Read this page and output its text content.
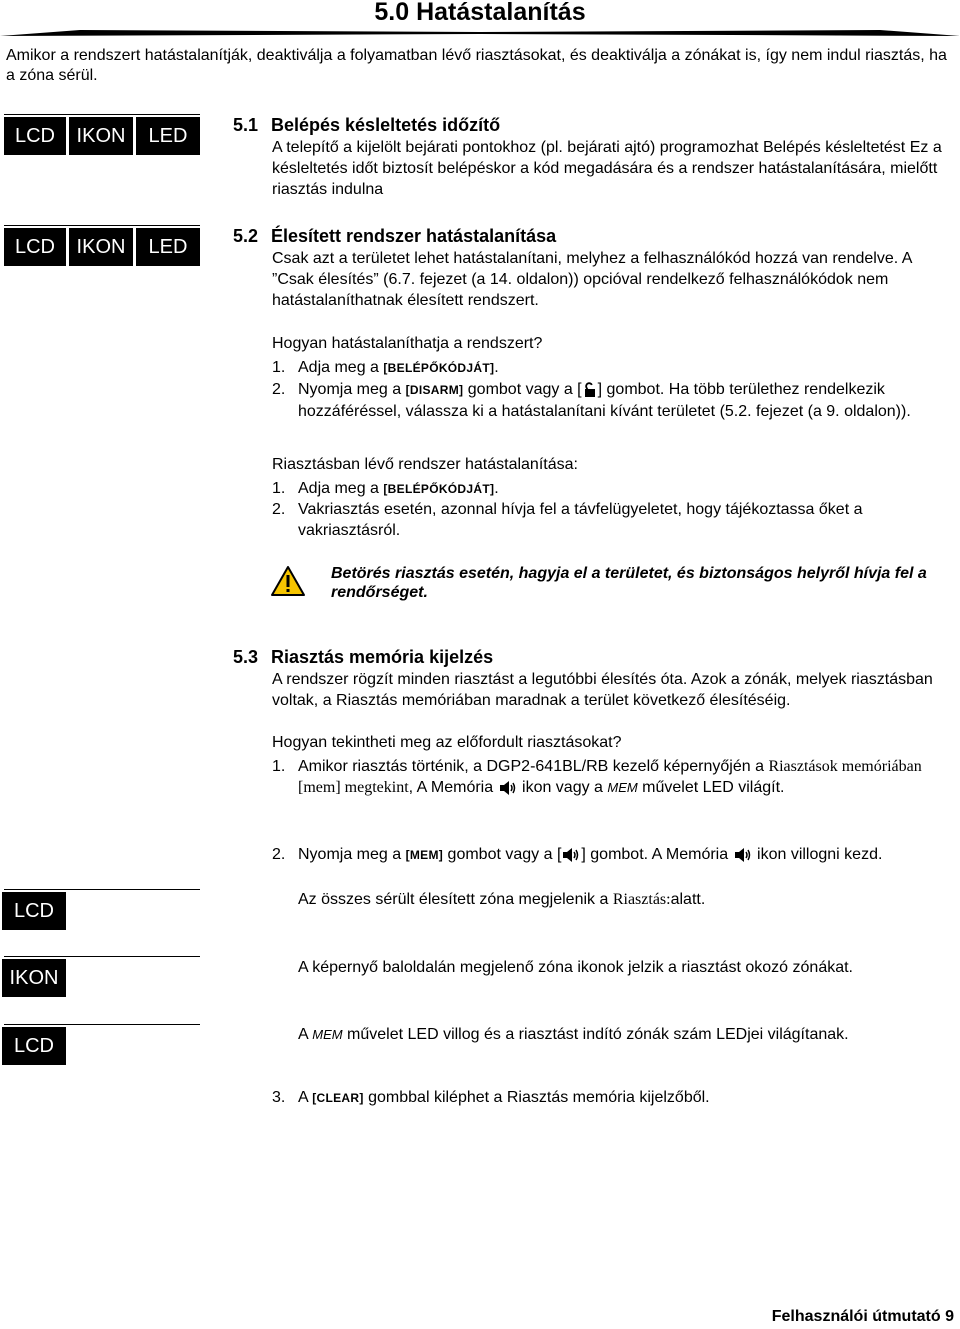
5.0 Hatástalanítás
Amikor a rendszert hatástalanítják, deaktiválja a folyamatban lévő riasztásokat, és deaktiválja a zónákat is, így nem indul riasztás, ha a zóna sérül.
LCD	IKON	LED	5.1 Belépés késleltetés időzítő
A telepítő a kijelölt bejárati pontokhoz (pl. bejárati ajtó) programozhat Belépés késleltetést Ez a késleltetés időt biztosít belépéskor a kód megadására és a rendszer hatástalanítására, mielőtt riasztás indulna
LCD	IKON	LED	5.2 Élesített rendszer hatástalanítása
Csak azt a területet lehet hatástalanítani, melyhez a felhasználókód hozzá van rendelve. A ”Csak élesítés” (6.7. fejezet (a 14. oldalon)) opcióval rendelkező felhasználókódok nem hatástalaníthatnak élesített rendszert.
Hogyan hatástalaníthatja a rendszert?
1. Adja meg a [BELÉPŐKÓDJÁT].
2. Nyomja meg a [DISARM] gombot vagy a [ ] gombot. Ha több területhez rendelkezik hozzáféréssel, válassza ki a hatástalanítani kívánt területet (5.2. fejezet (a 9. oldalon)).
Riasztásban lévő rendszer hatástalanítása:
1. Adja meg a [BELÉPŐKÓDJÁT].
2. Vakriasztás esetén, azonnal hívja fel a távfelügyeletet, hogy tájékoztassa őket a vakriasztásról.
Betörés riasztás esetén, hagyja el a területet, és biztonságos helyről hívja fel a rendőrséget.
5.3 Riasztás memória kijelzés
A rendszer rögzít minden riasztást a legutóbbi élesítés óta. Azok a zónák, melyek riasztásban voltak, a Riasztás memóriában maradnak a terület következő élesítéséig.
Hogyan tekintheti meg az előfordult riasztásokat?
1. Amikor riasztás történik, a DGP2-641BL/RB kezelő képernyőjén a Riasztások memóriában [mem] megtekint, A Memória  ikon vagy a MEM művelet LED világít.
2. Nyomja meg a [MEM] gombot vagy a [ ] gombot. A Memória  ikon villogni kezd.
LCD
Az összes sérült élesített zóna megjelenik a Riasztás:alatt.
IKON	A képernyő baloldalán megjelenő zóna ikonok jelzik a riasztást okozó zónákat.
LCD
A MEM művelet LED villog és a riasztást indító zónák szám LEDjei világítanak.
3. A [CLEAR] gombbal kiléphet a Riasztás memória kijelzőből.
Felhasználói útmutató 9
